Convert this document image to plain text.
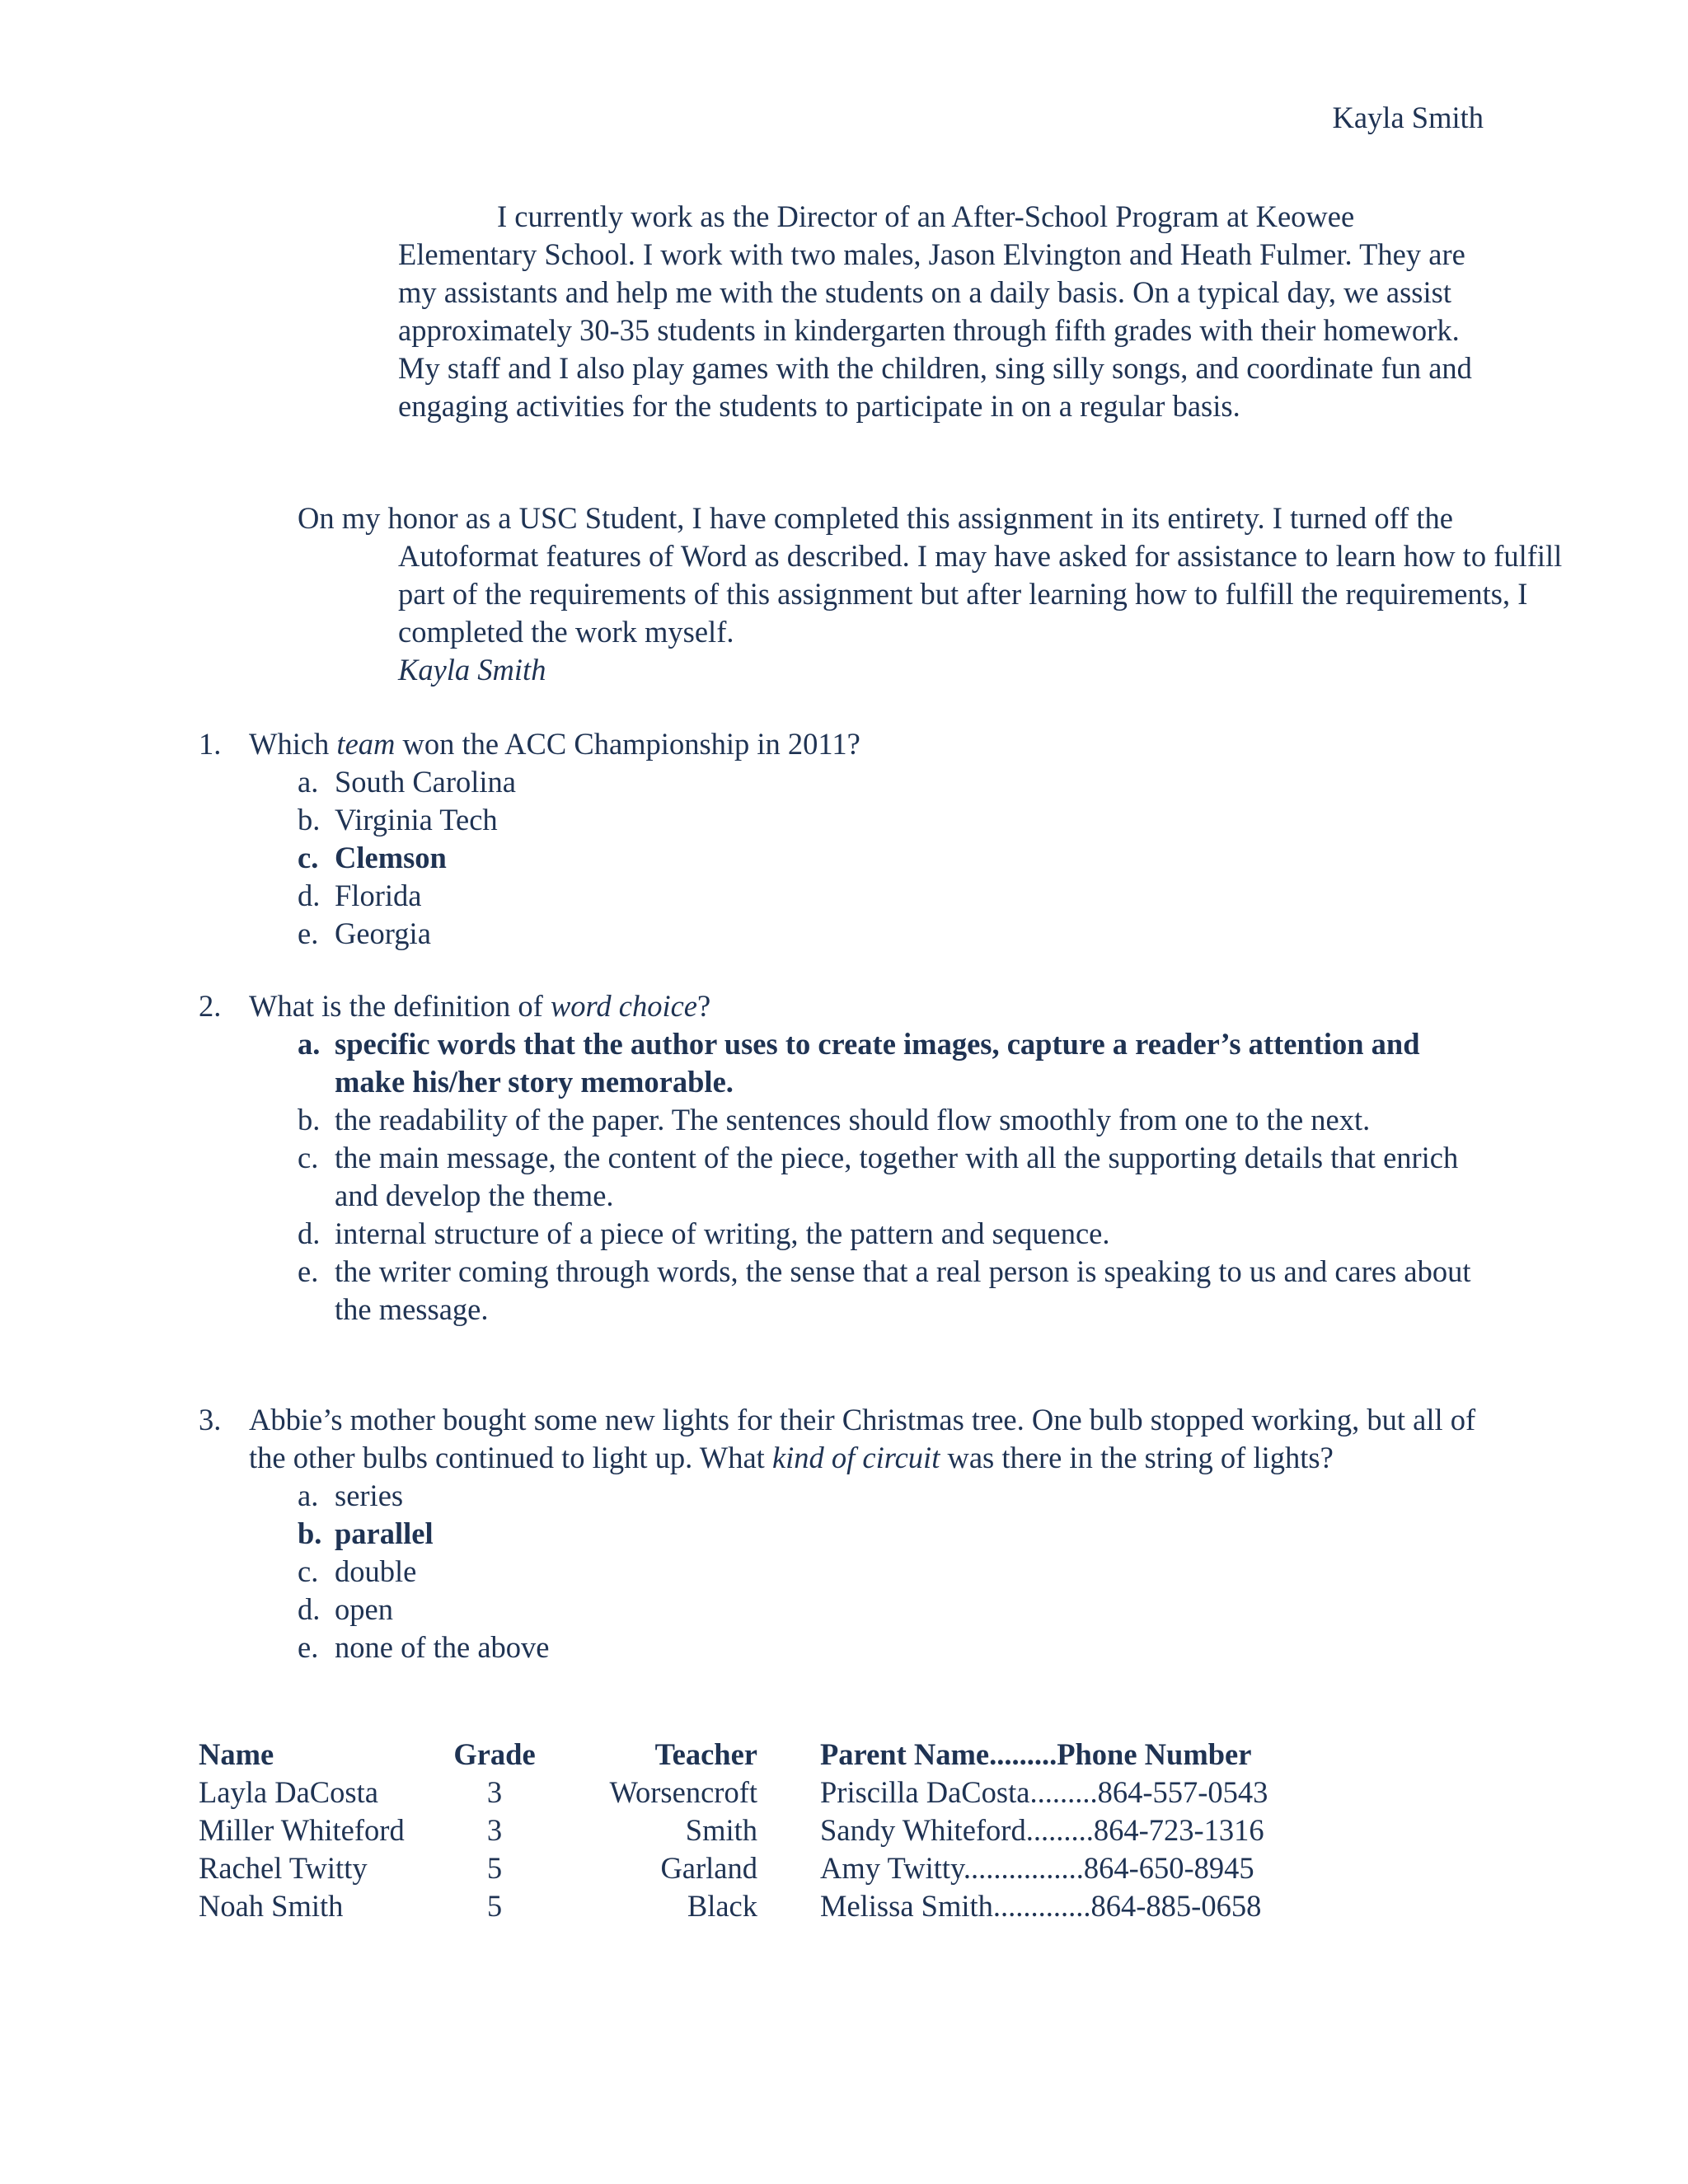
Kayla Smith

I currently work as the Director of an After-School Program at Keowee Elementary School. I work with two males, Jason Elvington and Heath Fulmer. They are my assistants and help me with the students on a daily basis. On a typical day, we assist approximately 30-35 students in kindergarten through fifth grades with their homework. My staff and I also play games with the children, sing silly songs, and coordinate fun and engaging activities for the students to participate in on a regular basis.

On my honor as a USC Student, I have completed this assignment in its entirety. I turned off the Autoformat features of Word as described. I may have asked for assistance to learn how to fulfill part of the requirements of this assignment but after learning how to fulfill the requirements, I completed the work myself.
Kayla Smith

1. Which team won the ACC Championship in 2011?
a. South Carolina
b. Virginia Tech
c. Clemson
d. Florida
e. Georgia
2. What is the definition of word choice?
a. specific words that the author uses to create images, capture a reader’s attention and make his/her story memorable.
b. the readability of the paper. The sentences should flow smoothly from one to the next.
c. the main message, the content of the piece, together with all the supporting details that enrich and develop the theme.
d. internal structure of a piece of writing, the pattern and sequence.
e. the writer coming through words, the sense that a real person is speaking to us and cares about the message.
3. Abbie’s mother bought some new lights for their Christmas tree. One bulb stopped working, but all of the other bulbs continued to light up. What kind of circuit was there in the string of lights?
a. series
b. parallel
c. double
d. open
e. none of the above
Name	Grade	Teacher	Parent Name.........Phone Number
Layla DaCosta	3	Worsencroft	Priscilla DaCosta.........864-557-0543
Miller Whiteford	3	Smith	Sandy Whiteford.........864-723-1316
Rachel Twitty	5	Garland	Amy Twitty................864-650-8945
Noah Smith	5	Black	Melissa Smith.............864-885-0658
